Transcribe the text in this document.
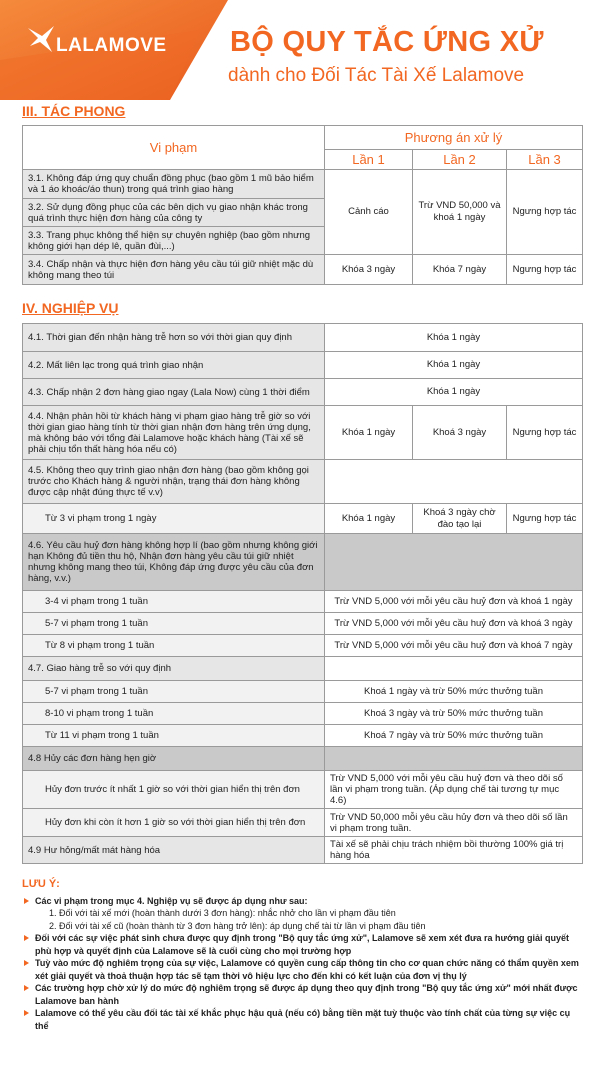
LALAMOVE BỘ QUY TẮC ỨNG XỬ
dành cho Đối Tác Tài Xế Lalamove
III. TÁC PHONG
Vi phạm	Phương án xử lý		
	Lần 1	Lần 2	Lần 3
3.1. Không đáp ứng quy chuẩn đồng phục (bao gồm 1 mũ bảo hiểm và 1 áo khoác/áo thun) trong quá trình giao hàng	Cảnh cáo	Trừ VND 50,000 và khoá 1 ngày	Ngưng hợp tác
3.2. Sử dụng đồng phục của các bên dịch vụ giao nhận khác trong quá trình thực hiện đơn hàng của công ty			
3.3. Trang phục không thể hiện sự chuyên nghiệp (bao gồm nhưng không giới hạn dép lê, quần đùi,...)			
3.4. Chấp nhận và thực hiện đơn hàng yêu cầu túi giữ nhiệt mặc dù không mang theo túi	Khóa 3 ngày	Khóa 7 ngày	Ngưng hợp tác
IV. NGHIỆP VỤ
4.1. Thời gian đến nhận hàng trễ hơn so với thời gian quy định	Khóa 1 ngày		
4.2. Mất liên lạc trong quá trình giao nhận	Khóa 1 ngày		
4.3. Chấp nhận 2 đơn hàng giao ngay (Lala Now) cùng 1 thời điểm	Khóa 1 ngày		
4.4. Nhận phản hồi từ khách hàng vi phạm giao hàng trễ giờ so với thời gian giao hàng tính từ thời gian nhận đơn hàng trên ứng dụng, mà không báo với tổng đài Lalamove hoặc khách hàng (Tài xế sẽ phải chịu tổn thất hàng hóa nếu có)	Khóa 1 ngày	Khoá 3 ngày	Ngưng hợp tác
4.5. Không theo quy trình giao nhận đơn hàng (bao gồm không gọi trước cho Khách hàng & người nhận, trạng thái đơn hàng không được cập nhật đúng thực tế v.v)			
Từ 3 vi phạm trong 1 ngày	Khóa 1 ngày	Khoá 3 ngày chờ đào tạo lại	Ngưng hợp tác
4.6. Yêu cầu huỷ đơn hàng không hợp lí (bao gồm nhưng không giới hạn Không đủ tiền thu hộ, Nhận đơn hàng yêu cầu túi giữ nhiệt nhưng không mang theo túi, Không đáp ứng được yêu cầu của đơn hàng, v.v.)			
3-4 vi phạm trong 1 tuần	Trừ VND 5,000 với mỗi yêu cầu huỷ đơn và khoá 1 ngày		
5-7 vi phạm trong 1 tuần	Trừ VND 5,000 với mỗi yêu cầu huỷ đơn và khoá 3 ngày		
Từ 8 vi phạm trong 1 tuần	Trừ VND 5,000 với mỗi yêu cầu huỷ đơn và khoá 7 ngày		
4.7. Giao hàng trễ so với quy định			
5-7 vi phạm trong 1 tuần	Khoá 1 ngày và trừ 50% mức thưởng tuần		
8-10 vi phạm trong 1 tuần	Khoá 3 ngày và trừ 50% mức thưởng tuần		
Từ 11 vi phạm trong 1 tuần	Khoá 7 ngày và trừ 50% mức thưởng tuần		
4.8 Hủy các đơn hàng hẹn giờ			
Hủy đơn trước ít nhất 1 giờ so với thời gian hiển thị trên đơn	Trừ VND 5,000 với mỗi yêu cầu huỷ đơn và theo dõi số lần vi phạm trong tuần. (Áp dụng chế tài tương tự mục 4.6)		
Hủy đơn khi còn ít hơn 1 giờ so với thời gian hiển thị trên đơn	Trừ VND 50,000 mỗi yêu cầu hủy đơn và theo dõi số lần vi phạm trong tuần.		
4.9 Hư hỏng/mất mát hàng hóa	Tài xế sẽ phải chịu trách nhiệm bồi thường 100% giá trị hàng hóa		
LƯU Ý:
Các vi phạm trong mục 4. Nghiệp vụ sẽ được áp dụng như sau:
1. Đối với tài xế mới (hoàn thành dưới 3 đơn hàng): nhắc nhở cho lần vi phạm đầu tiên
2. Đối với tài xế cũ (hoàn thành từ 3 đơn hàng trở lên): áp dụng chế tài từ lần vi phạm đầu tiên
Đối với các sự việc phát sinh chưa được quy định trong "Bộ quy tắc ứng xử", Lalamove sẽ xem xét đưa ra hướng giải quyết phù hợp và quyết định của Lalamove sẽ là cuối cùng cho mọi trường hợp
Tuỳ vào mức độ nghiêm trọng của sự việc, Lalamove có quyền cung cấp thông tin cho cơ quan chức năng có thẩm quyền xem xét giải quyết và thoả thuận hợp tác sẽ tạm thời vô hiệu lực cho đến khi có kết luận của đơn vị thụ lý
Các trường hợp chờ xử lý do mức độ nghiêm trọng sẽ được áp dụng theo quy định trong "Bộ quy tắc ứng xử" mới nhất được Lalamove ban hành
Lalamove có thể yêu cầu đối tác tài xế khắc phục hậu quả (nếu có) bằng tiền mặt tuỳ thuộc vào tính chất của từng sự việc cụ thể
